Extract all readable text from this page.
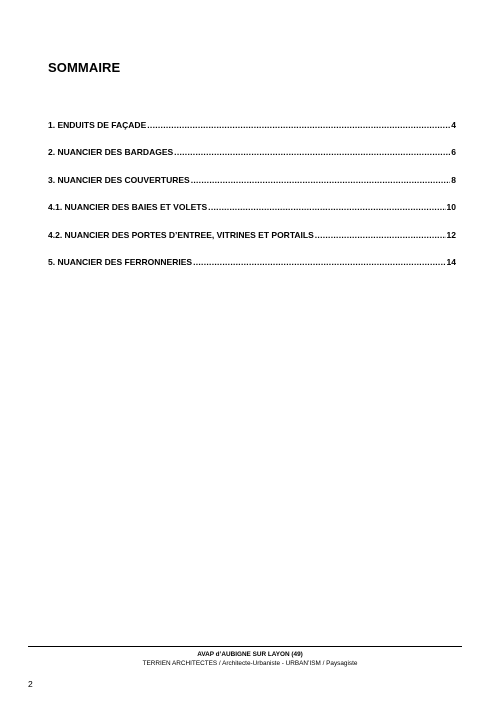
SOMMAIRE
1. ENDUITS DE FAÇADE .....	4
2. NUANCIER DES BARDAGES .....	6
3. NUANCIER DES COUVERTURES .....	8
4.1. NUANCIER DES BAIES ET VOLETS .....	10
4.2. NUANCIER DES PORTES D’ENTREE, VITRINES ET PORTAILS .....	12
5. NUANCIER DES FERRONNERIES .....	14
AVAP d’AUBIGNE SUR LAYON (49)
TERRIEN ARCHITECTES / Architecte-Urbaniste - URBAN’ISM / Paysagiste
2
